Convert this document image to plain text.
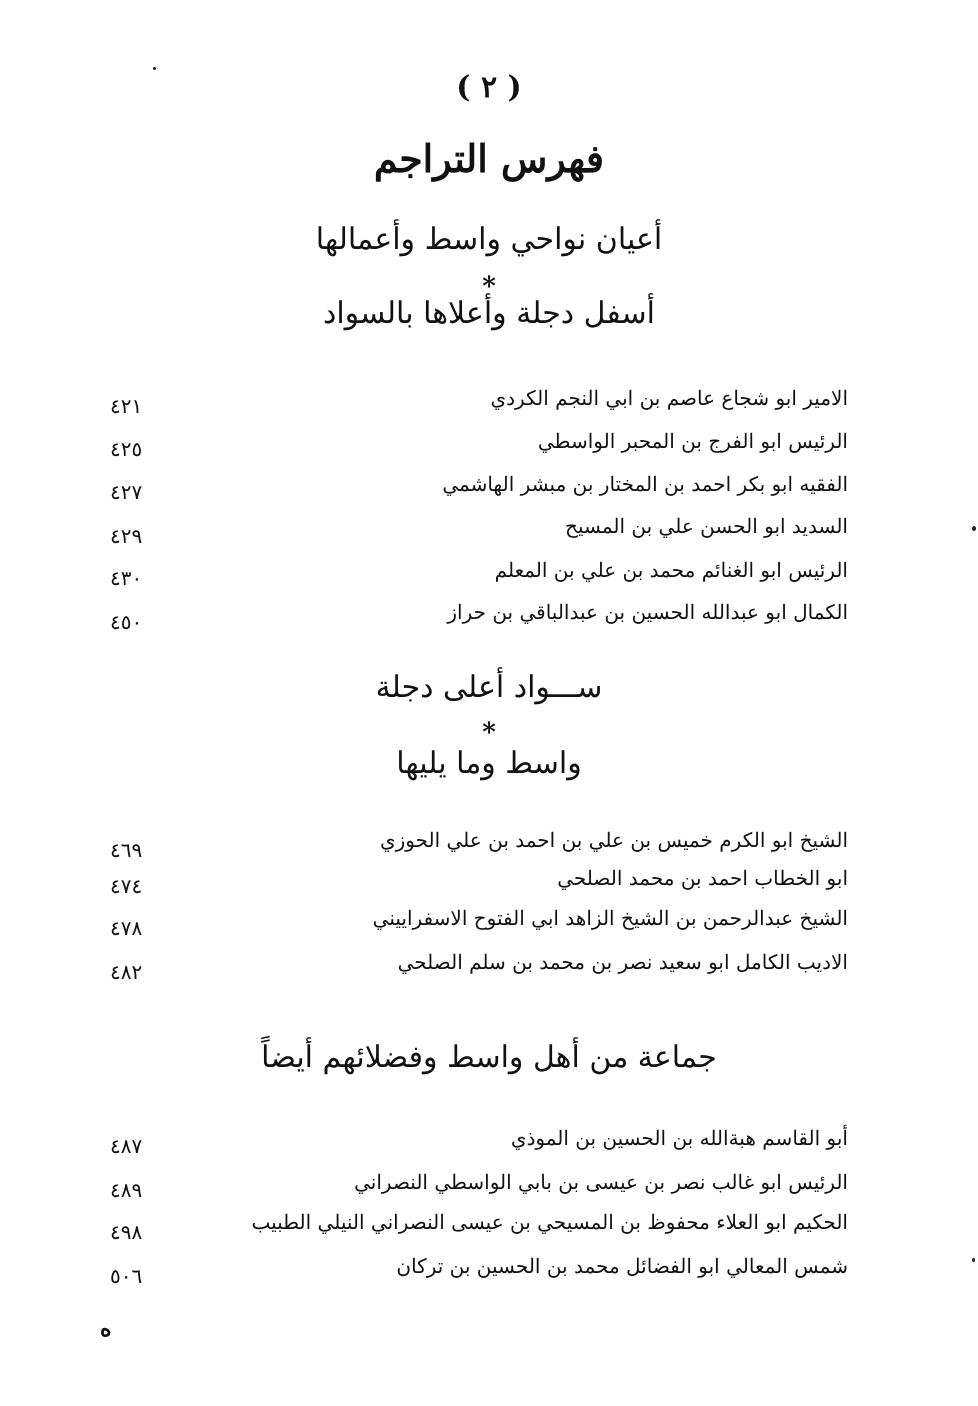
( ٢ )
فهرس التراجم
أعيان نواحي واسط وأعمالها
*
أسفل دجلة وأعلاها بالسواد
الامير ابو شجاع عاصم بن ابي النجم الكردي
٤٢١
الرئيس ابو الفرج بن المحبر الواسطي
٤٢٥
الفقيه ابو بكر احمد بن المختار بن مبشر الهاشمي
٤٢٧
السديد ابو الحسن علي بن المسيح
٤٢٩
الرئيس ابو الغنائم محمد بن علي بن المعلم
٤٣٠
الكمال ابو عبدالله الحسين بن عبدالباقي بن حراز
٤٥٠
ســـواد أعلى دجلة
*
واسط وما يليها
الشيخ ابو الكرم خميس بن علي بن احمد بن علي الحوزي
٤٦٩
ابو الخطاب احمد بن محمد الصلحي
٤٧٤
الشيخ عبدالرحمن بن الشيخ الزاهد ابي الفتوح الاسفراييني
٤٧٨
الاديب الكامل ابو سعيد نصر بن محمد بن سلم الصلحي
٤٨٢
جماعة من أهل واسط وفضلائهم أيضاً
أبو القاسم هبةالله بن الحسين بن الموذي
٤٨٧
الرئيس ابو غالب نصر بن عيسى بن بابي الواسطي النصراني
٤٨٩
الحكيم ابو العلاء محفوظ بن المسيحي بن عيسى النصراني النيلي الطبيب
٤٩٨
شمس المعالي ابو الفضائل محمد بن الحسين بن تركان
٥٠٦
ه
